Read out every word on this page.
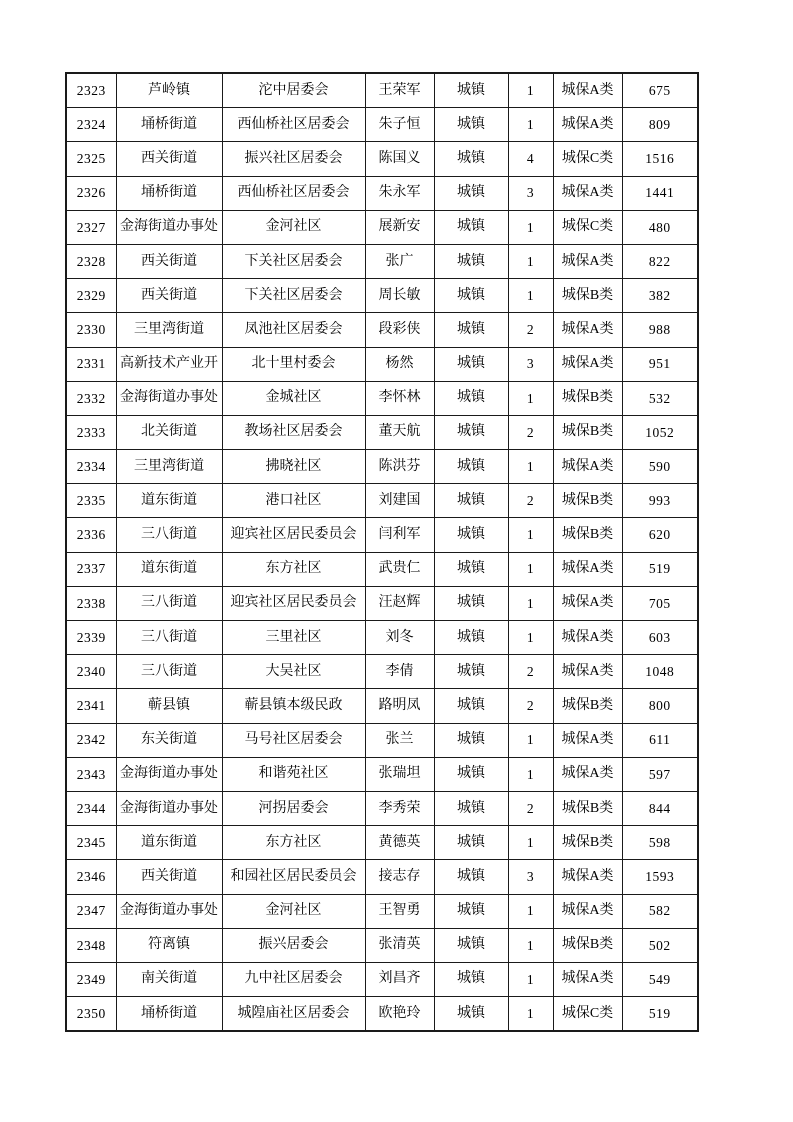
2323	芦岭镇	沱中居委会	王荣军	城镇	1	城保A类	675
2324	埇桥街道	西仙桥社区居委会	朱子恒	城镇	1	城保A类	809
2325	西关街道	振兴社区居委会	陈国义	城镇	4	城保C类	1516
2326	埇桥街道	西仙桥社区居委会	朱永军	城镇	3	城保A类	1441
2327	金海街道办事处	金河社区	展新安	城镇	1	城保C类	480
2328	西关街道	下关社区居委会	张广	城镇	1	城保A类	822
2329	西关街道	下关社区居委会	周长敏	城镇	1	城保B类	382
2330	三里湾街道	凤池社区居委会	段彩侠	城镇	2	城保A类	988
2331	高新技术产业开	北十里村委会	杨然	城镇	3	城保A类	951
2332	金海街道办事处	金城社区	李怀林	城镇	1	城保B类	532
2333	北关街道	教场社区居委会	董天航	城镇	2	城保B类	1052
2334	三里湾街道	拂晓社区	陈洪芬	城镇	1	城保A类	590
2335	道东街道	港口社区	刘建国	城镇	2	城保B类	993
2336	三八街道	迎宾社区居民委员会	闫利军	城镇	1	城保B类	620
2337	道东街道	东方社区	武贵仁	城镇	1	城保A类	519
2338	三八街道	迎宾社区居民委员会	汪赵辉	城镇	1	城保A类	705
2339	三八街道	三里社区	刘冬	城镇	1	城保A类	603
2340	三八街道	大吴社区	李倩	城镇	2	城保A类	1048
2341	蕲县镇	蕲县镇本级民政	路明凤	城镇	2	城保B类	800
2342	东关街道	马号社区居委会	张兰	城镇	1	城保A类	611
2343	金海街道办事处	和谐苑社区	张瑞坦	城镇	1	城保A类	597
2344	金海街道办事处	河拐居委会	李秀荣	城镇	2	城保B类	844
2345	道东街道	东方社区	黄德英	城镇	1	城保B类	598
2346	西关街道	和园社区居民委员会	接志存	城镇	3	城保A类	1593
2347	金海街道办事处	金河社区	王智勇	城镇	1	城保A类	582
2348	符离镇	振兴居委会	张清英	城镇	1	城保B类	502
2349	南关街道	九中社区居委会	刘昌齐	城镇	1	城保A类	549
2350	埇桥街道	城隍庙社区居委会	欧艳玲	城镇	1	城保C类	519
